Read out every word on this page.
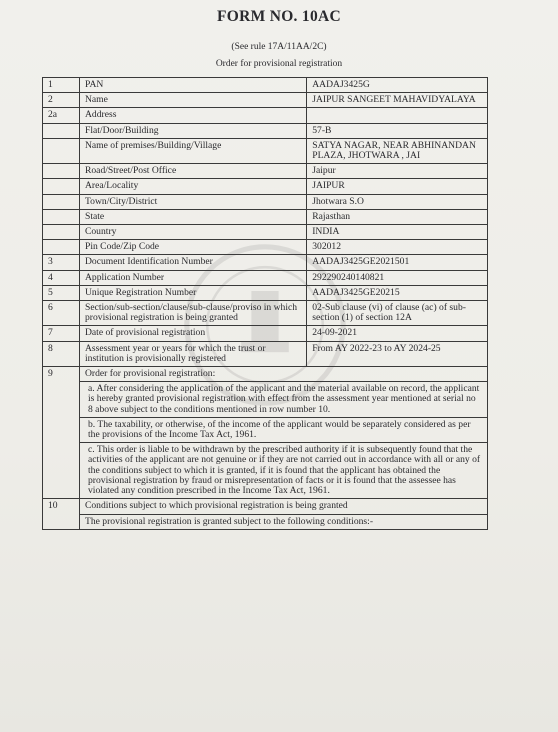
FORM NO. 10AC
(See rule 17A/11AA/2C)
Order for provisional registration
1	PAN	AADAJ3425G
2	Name	JAIPUR SANGEET MAHAVIDYALAYA
2a	Address	
	Flat/Door/Building	57-B
	Name of premises/Building/Village	SATYA NAGAR, NEAR ABHINANDAN PLAZA, JHOTWARA , JAI
	Road/Street/Post Office	Jaipur
	Area/Locality	JAIPUR
	Town/City/District	Jhotwara S.O
	State	Rajasthan
	Country	INDIA
	Pin Code/Zip Code	302012
3	Document Identification Number	AADAJ3425GE2021501
4	Application Number	292290240140821
5	Unique Registration Number	AADAJ3425GE20215
6	Section/sub-section/clause/sub-clause/proviso in which provisional registration is being granted	02-Sub clause (vi) of clause (ac) of sub-section (1) of section 12A
7	Date of provisional registration	24-09-2021
8	Assessment year or years for which the trust or institution is provisionally registered	From AY 2022-23 to AY 2024-25
9	Order for provisional registration:	
	a. After considering the application of the applicant and the material available on record, the applicant is hereby granted provisional registration with effect from the assessment year mentioned at serial no 8 above subject to the conditions mentioned in row number 10.	
	b. The taxability, or otherwise, of the income of the applicant would be separately considered as per the provisions of the Income Tax Act, 1961.	
	c. This order is liable to be withdrawn by the prescribed authority if it is subsequently found that the activities of the applicant are not genuine or if they are not carried out in accordance with all or any of the conditions subject to which it is granted, if it is found that the applicant has obtained the provisional registration by fraud or misrepresentation of facts or it is found that the assessee has violated any condition prescribed in the Income Tax Act, 1961.	
10	Conditions subject to which provisional registration is being granted	
	The provisional registration is granted subject to the following conditions:-	
